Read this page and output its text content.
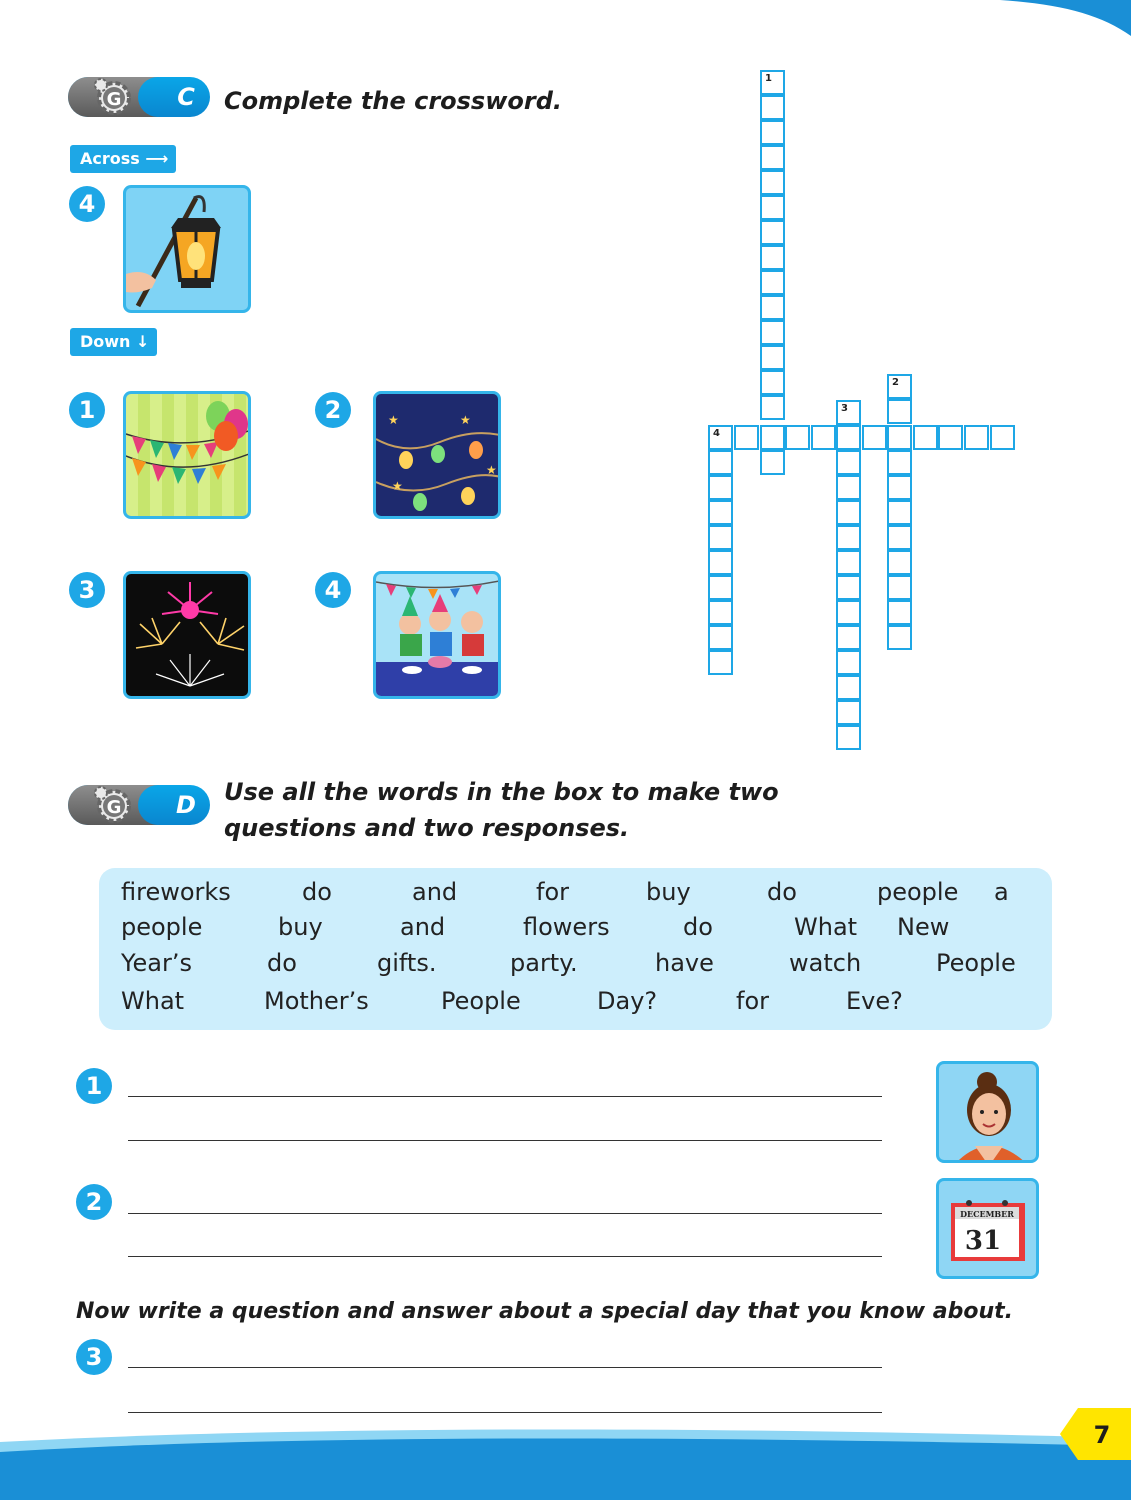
G	C	Complete the crossword.
Across ⟶
4
Down ↓
1	2	★	★
★
★
3	4
1
4
3
2
G	D	Use all the words in the box to make two
questions and two responses.
fireworks	do	and	for	buy	do	people a
people	buy	and	flowers	do	What New
Year’s	do	gifts.	party.	have	watch	People
What	Mother’s	People	Day?	for	Eve?
1
2	DECEMBER
31
Now write a question and answer about a special day that you know about.
3
7
